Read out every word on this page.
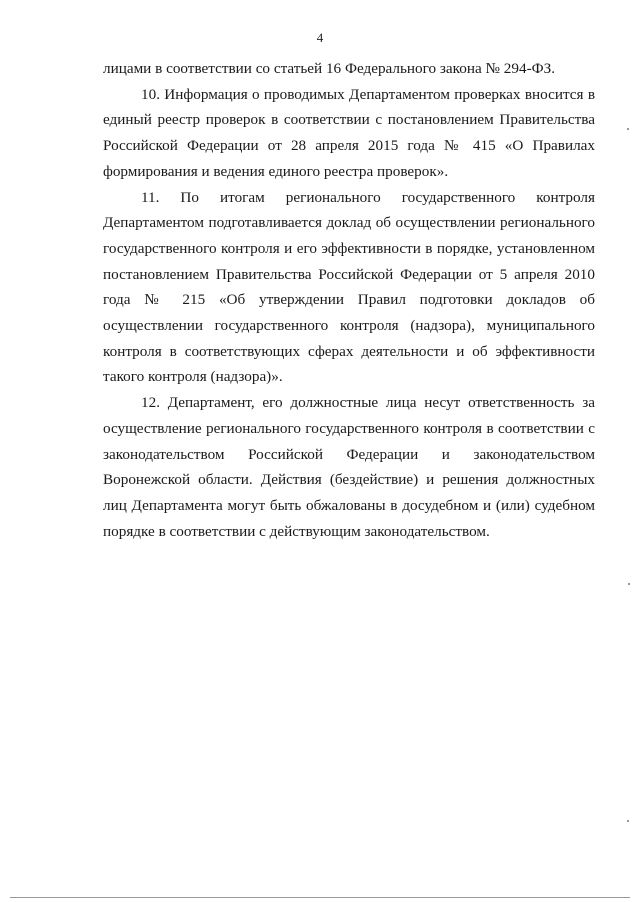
4

лицами в соответствии со статьей 16 Федерального закона № 294-ФЗ.

10. Информация о проводимых Департаментом проверках вносится в единый реестр проверок в соответствии с постановлением Правительства Российской Федерации от 28 апреля 2015 года № 415 «О Правилах формирования и ведения единого реестра проверок».

11. По итогам регионального государственного контроля Департаментом подготавливается доклад об осуществлении регионального государственного контроля и его эффективности в порядке, установленном постановлением Правительства Российской Федерации от 5 апреля 2010 года № 215 «Об утверждении Правил подготовки докладов об осуществлении государственного контроля (надзора), муниципального контроля в соответствующих сферах деятельности и об эффективности такого контроля (надзора)».

12. Департамент, его должностные лица несут ответственность за осуществление регионального государственного контроля в соответствии с законодательством Российской Федерации и законодательством Воронежской области. Действия (бездействие) и решения должностных лиц Департамента могут быть обжалованы в досудебном и (или) судебном порядке в соответствии с действующим законодательством.
